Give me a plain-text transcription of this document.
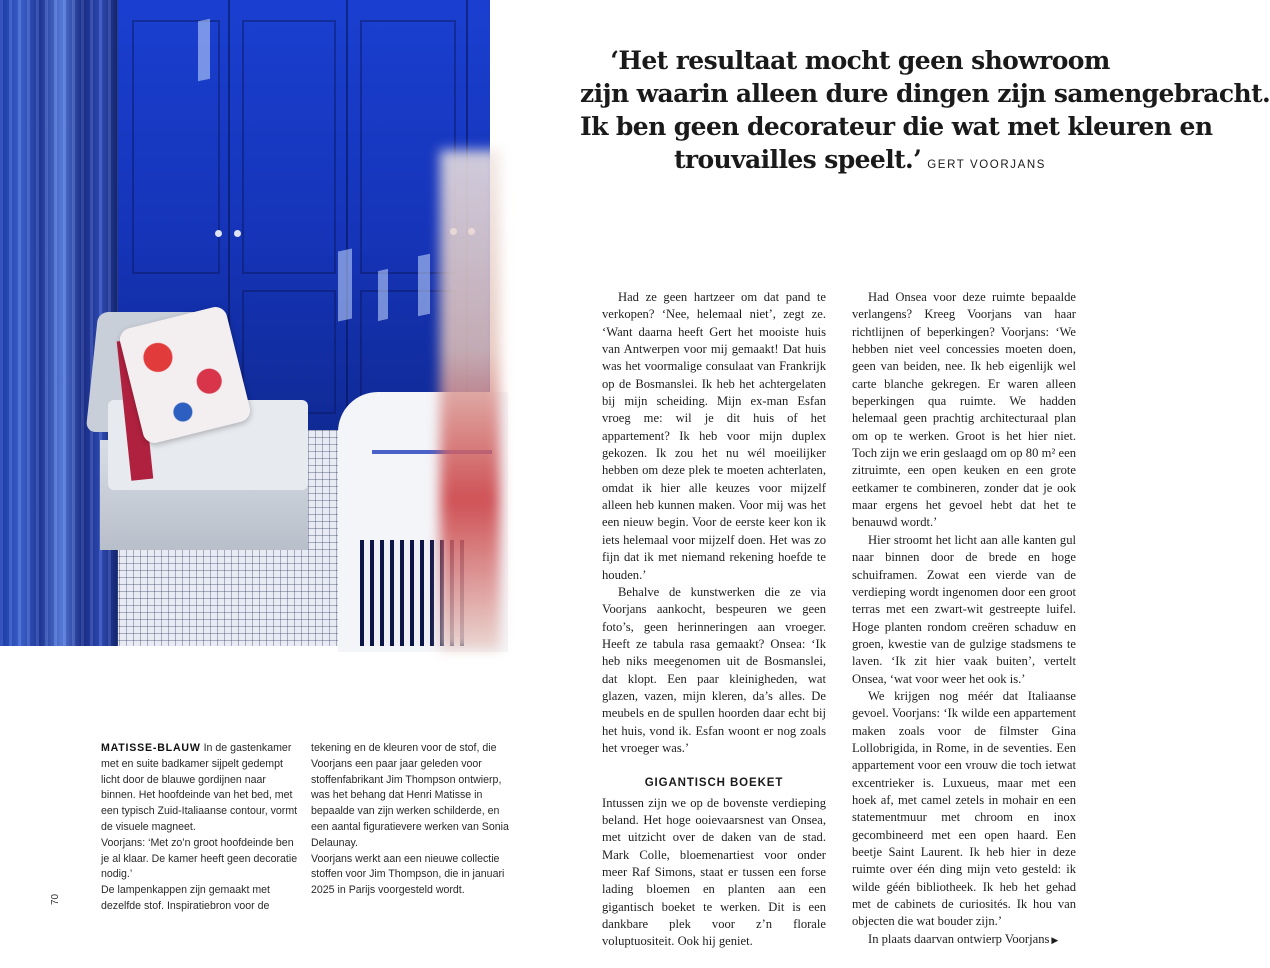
‘Het resultaat mocht geen showroom
zijn waarin alleen dure dingen zijn samengebracht.
Ik ben geen decorateur die wat met kleuren en
trouvailles speelt.’ GERT VOORJANS

Had ze geen hartzeer om dat pand te verkopen? ‘Nee, helemaal niet’, zegt ze. ‘Want daarna heeft Gert het mooiste huis van Antwerpen voor mij gemaakt! Dat huis was het voormalige consulaat van Frankrijk op de Bosmanslei. Ik heb het achtergelaten bij mijn scheiding. Mijn ex-man Esfan vroeg me: wil je dit huis of het appartement? Ik heb voor mijn duplex gekozen. Ik zou het nu wél moeilijker hebben om deze plek te moeten achterlaten, omdat ik hier alle keuzes voor mijzelf alleen heb kunnen maken. Voor mij was het een nieuw begin. Voor de eerste keer kon ik iets helemaal voor mijzelf doen. Het was zo fijn dat ik met niemand rekening hoefde te houden.’

Behalve de kunstwerken die ze via Voorjans aankocht, bespeuren we geen foto’s, geen herinneringen aan vroeger. Heeft ze tabula rasa gemaakt? Onsea: ‘Ik heb niks meegenomen uit de Bosmanslei, dat klopt. Een paar kleinigheden, wat glazen, vazen, mijn kleren, da’s alles. De meubels en de spullen hoorden daar echt bij het huis, vond ik. Esfan woont er nog zoals het vroeger was.’

GIGANTISCH BOEKET

Intussen zijn we op de bovenste verdieping beland. Het hoge ooievaarsnest van Onsea, met uitzicht over de daken van de stad. Mark Colle, bloemenartiest voor onder meer Raf Simons, staat er tussen een forse lading bloemen en planten aan een gigantisch boeket te werken. Dit is een dankbare plek voor z’n florale voluptuositeit. Ook hij geniet.

Had Onsea voor deze ruimte bepaalde verlangens? Kreeg Voorjans van haar richtlijnen of beperkingen? Voorjans: ‘We hebben niet veel concessies moeten doen, geen van beiden, nee. Ik heb eigenlijk wel carte blanche gekregen. Er waren alleen beperkingen qua ruimte. We hadden helemaal geen prachtig architecturaal plan om op te werken. Groot is het hier niet. Toch zijn we erin geslaagd om op 80 m² een zitruimte, een open keuken en een grote eetkamer te combineren, zonder dat je ook maar ergens het gevoel hebt dat het te benauwd wordt.’

Hier stroomt het licht aan alle kanten gul naar binnen door de brede en hoge schuiframen. Zowat een vierde van de verdieping wordt ingenomen door een groot terras met een zwart-wit gestreepte luifel. Hoge planten rondom creëren schaduw en groen, kwestie van de gulzige stadsmens te laven. ‘Ik zit hier vaak buiten’, vertelt Onsea, ‘wat voor weer het ook is.’

We krijgen nog méér dat Italiaanse gevoel. Voorjans: ‘Ik wilde een appartement maken zoals voor de filmster Gina Lollobrigida, in Rome, in de seventies. Een appartement voor een vrouw die toch ietwat excentrieker is. Luxueus, maar met een hoek af, met camel zetels in mohair en een statementmuur met chroom en inox gecombineerd met een open haard. Een beetje Saint Laurent. Ik heb hier in deze ruimte over één ding mijn veto gesteld: ik wilde géén bibliotheek. Ik heb het gehad met de cabinets de curiosités. Ik hou van objecten die wat bouder zijn.’

In plaats daarvan ontwierp Voorjans ▶

MATISSE-BLAUW In de gastenkamer met en suite badkamer sijpelt gedempt licht door de blauwe gordijnen naar binnen. Het hoofdeinde van het bed, met een typisch Zuid-Italiaanse contour, vormt de visuele magneet.

Voorjans: ‘Met zo’n groot hoofdeinde ben je al klaar. De kamer heeft geen decoratie nodig.’

De lampenkappen zijn gemaakt met dezelfde stof. Inspiratiebron voor de

tekening en de kleuren voor de stof, die Voorjans een paar jaar geleden voor stoffenfabrikant Jim Thompson ontwierp, was het behang dat Henri Matisse in bepaalde van zijn werken schilderde, en een aantal figuratievere werken van Sonia Delaunay.

Voorjans werkt aan een nieuwe collectie stoffen voor Jim Thompson, die in januari 2025 in Parijs voorgesteld wordt.

70
